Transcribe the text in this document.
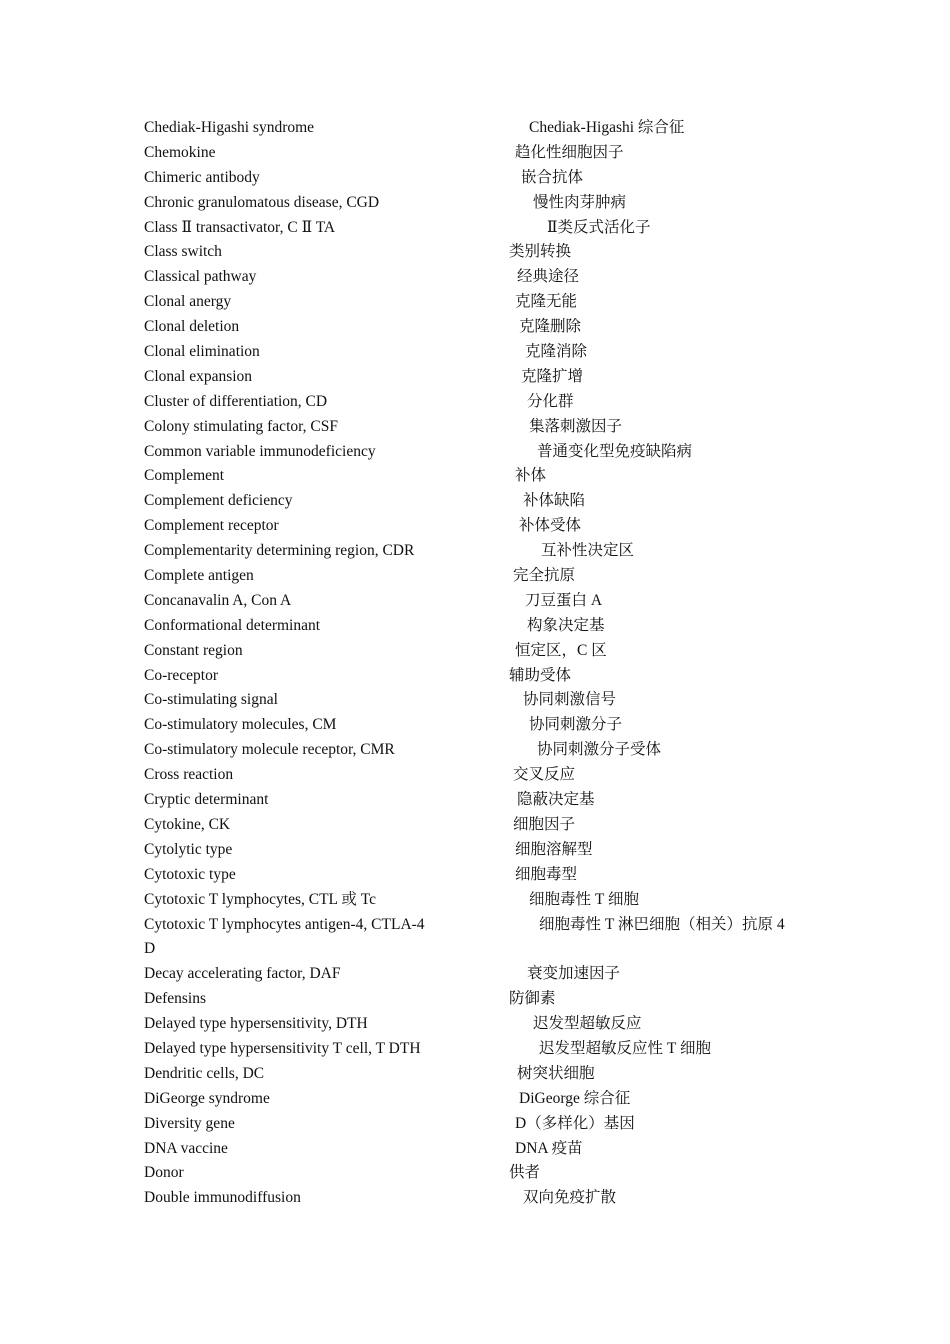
Chediak-Higashi syndrome	Chediak-Higashi 综合征
Chemokine	趋化性细胞因子
Chimeric antibody	嵌合抗体
Chronic granulomatous disease, CGD	慢性肉芽肿病
Class Ⅱ transactivator, C Ⅱ TA	Ⅱ类反式活化子
Class switch	类别转换
Classical pathway	经典途径
Clonal anergy	克隆无能
Clonal deletion	克隆删除
Clonal elimination	克隆消除
Clonal expansion	克隆扩增
Cluster of differentiation, CD	分化群
Colony stimulating factor, CSF	集落刺激因子
Common variable immunodeficiency	普通变化型免疫缺陷病
Complement	补体
Complement deficiency	补体缺陷
Complement receptor	补体受体
Complementarity determining region, CDR	互补性决定区
Complete antigen	完全抗原
Concanavalin A, Con A	刀豆蛋白 A
Conformational determinant	构象决定基
Constant region	恒定区，C 区
Co-receptor	辅助受体
Co-stimulating signal	协同刺激信号
Co-stimulatory molecules, CM	协同刺激分子
Co-stimulatory molecule receptor, CMR	协同刺激分子受体
Cross reaction	交叉反应
Cryptic determinant	隐蔽决定基
Cytokine, CK	细胞因子
Cytolytic type	细胞溶解型
Cytotoxic type	细胞毒型
Cytotoxic T lymphocytes, CTL 或 Tc	细胞毒性 T 细胞
Cytotoxic T lymphocytes antigen-4, CTLA-4	细胞毒性 T 淋巴细胞（相关）抗原 4
D
Decay accelerating factor, DAF	衰变加速因子
Defensins	防御素
Delayed type hypersensitivity, DTH	迟发型超敏反应
Delayed type hypersensitivity T cell, T DTH	迟发型超敏反应性 T 细胞
Dendritic cells, DC	树突状细胞
DiGeorge syndrome	DiGeorge 综合征
Diversity gene	D（多样化）基因
DNA vaccine	DNA 疫苗
Donor	供者
Double immunodiffusion	双向免疫扩散
